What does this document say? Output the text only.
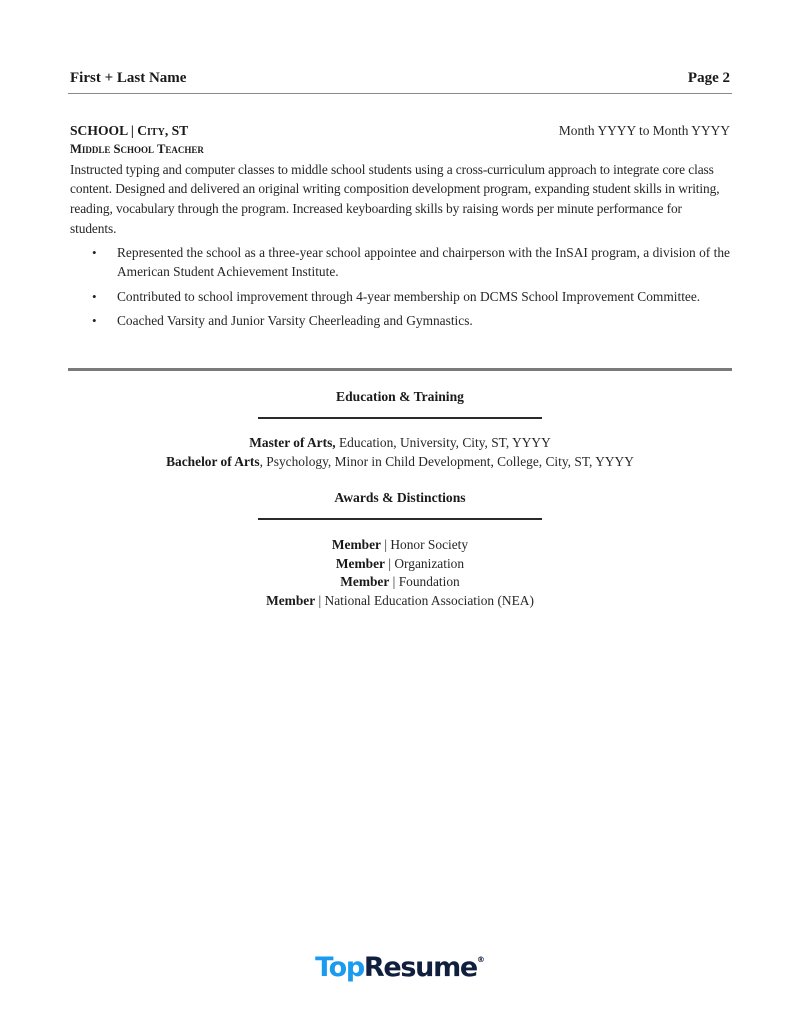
First + Last Name	Page 2
SCHOOL | City, ST	Month YYYY to Month YYYY
Middle School Teacher

Instructed typing and computer classes to middle school students using a cross-curriculum approach to integrate core class content. Designed and delivered an original writing composition development program, expanding student skills in writing, reading, vocabulary through the program. Increased keyboarding skills by raising words per minute performance for students.

• Represented the school as a three-year school appointee and chairperson with the InSAI program, a division of the American Student Achievement Institute.
• Contributed to school improvement through 4-year membership on DCMS School Improvement Committee.
• Coached Varsity and Junior Varsity Cheerleading and Gymnastics.
Education & Training
Master of Arts, Education, University, City, ST, YYYY
Bachelor of Arts, Psychology, Minor in Child Development, College, City, ST, YYYY
Awards & Distinctions
Member | Honor Society
Member | Organization
Member | Foundation
Member | National Education Association (NEA)
TopResume®
